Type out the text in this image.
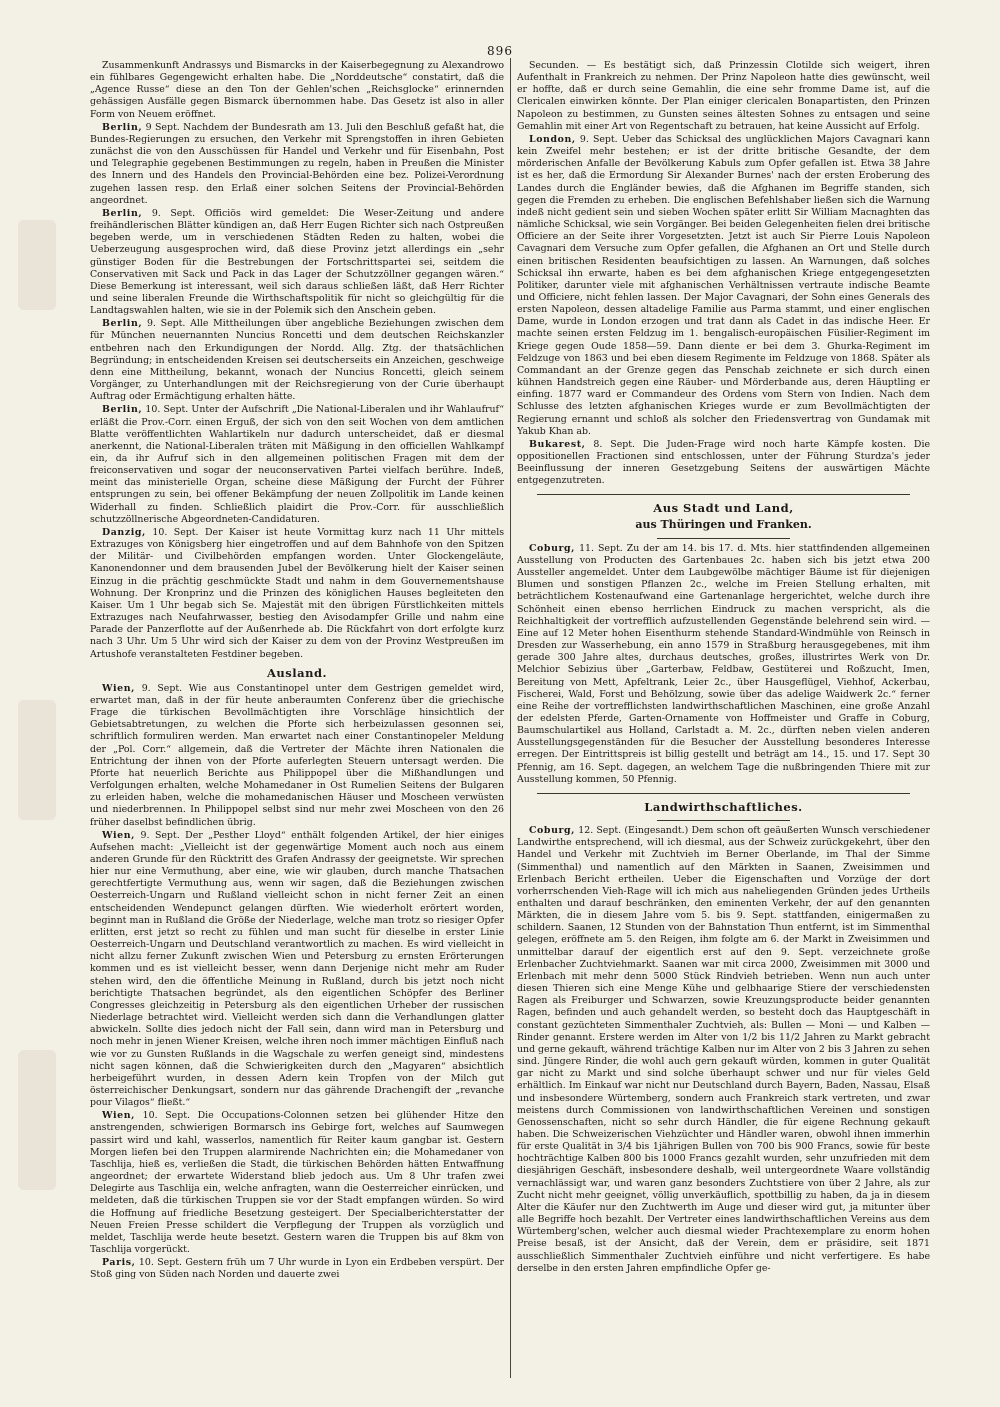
896

Zusammenkunft Andrassys und Bismarcks in der Kaiserbegegnung zu Alexandrowo ein fühlbares Gegengewicht erhalten habe. Die „Norddeutsche“ constatirt, daß die „Agence Russe“ diese an den Ton der Gehlen'schen „Reichsglocke“ erinnernden gehässigen Ausfälle gegen Bismarck übernommen habe. Das Gesetz ist also in aller Form von Neuem eröffnet.

Berlin, 9 Sept. Nachdem der Bundesrath am 13. Juli den Beschluß gefaßt hat, die Bundes-Regierungen zu ersuchen, den Verkehr mit Sprengstoffen in ihren Gebieten zunächst die von den Ausschüssen für Handel und Verkehr und für Eisenbahn, Post und Telegraphie gegebenen Bestimmungen zu regeln, haben in Preußen die Minister des Innern und des Handels den Provincial-Behörden eine bez. Polizei-Verordnung zugehen lassen resp. den Erlaß einer solchen Seitens der Provincial-Behörden angeordnet.

Berlin, 9. Sept. Officiös wird gemeldet: Die Weser-Zeitung und andere freihändlerischen Blätter kündigen an, daß Herr Eugen Richter sich nach Ostpreußen begeben werde, um in verschiedenen Städten Reden zu halten, wobei die Ueberzeugung ausgesprochen wird, daß diese Provinz jetzt allerdings ein „sehr günstiger Boden für die Bestrebungen der Fortschrittspartei sei, seitdem die Conservativen mit Sack und Pack in das Lager der Schutzzöllner gegangen wären.“ Diese Bemerkung ist interessant, weil sich daraus schließen läßt, daß Herr Richter und seine liberalen Freunde die Wirthschaftspolitik für nicht so gleichgültig für die Landtagswahlen halten, wie sie in der Polemik sich den Anschein geben.

Berlin, 9. Sept. Alle Mittheilungen über angebliche Beziehungen zwischen dem für München neuernannten Nuncius Roncetti und dem deutschen Reichskanzler entbehren nach den Erkundigungen der Nordd. Allg. Ztg. der thatsächlichen Begründung; in entscheidenden Kreisen sei deutscherseits ein Anzeichen, geschweige denn eine Mittheilung, bekannt, wonach der Nuncius Roncetti, gleich seinem Vorgänger, zu Unterhandlungen mit der Reichsregierung von der Curie überhaupt Auftrag oder Ermächtigung erhalten hätte.

Berlin, 10. Sept. Unter der Aufschrift „Die National-Liberalen und ihr Wahlaufruf“ erläßt die Prov.-Corr. einen Erguß, der sich von den seit Wochen von dem amtlichen Blatte veröffentlichten Wahlartikeln nur dadurch unterscheidet, daß er diesmal anerkennt, die National-Liberalen träten mit Mäßigung in den officiellen Wahlkampf ein, da ihr Aufruf sich in den allgemeinen politischen Fragen mit dem der freiconservativen und sogar der neuconservativen Partei vielfach berühre. Indeß, meint das ministerielle Organ, scheine diese Mäßigung der Furcht der Führer entsprungen zu sein, bei offener Bekämpfung der neuen Zollpolitik im Lande keinen Widerhall zu finden. Schließlich plaidirt die Prov.-Corr. für ausschließlich schutzzöllnerische Abgeordneten-Candidaturen.

Danzig, 10. Sept. Der Kaiser ist heute Vormittag kurz nach 11 Uhr mittels Extrazuges von Königsberg hier eingetroffen und auf dem Bahnhofe von den Spitzen der Militär- und Civilbehörden empfangen worden. Unter Glockengeläute, Kanonendonner und dem brausenden Jubel der Bevölkerung hielt der Kaiser seinen Einzug in die prächtig geschmückte Stadt und nahm in dem Gouvernementshause Wohnung. Der Kronprinz und die Prinzen des königlichen Hauses begleiteten den Kaiser. Um 1 Uhr begab sich Se. Majestät mit den übrigen Fürstlichkeiten mittels Extrazuges nach Neufahrwasser, bestieg den Avisodampfer Grille und nahm eine Parade der Panzerflotte auf der Außenrhede ab. Die Rückfahrt von dort erfolgte kurz nach 3 Uhr. Um 5 Uhr wird sich der Kaiser zu dem von der Provinz Westpreußen im Artushofe veranstalteten Festdiner begeben.

Ausland.

Wien, 9. Sept. Wie aus Constantinopel unter dem Gestrigen gemeldet wird, erwartet man, daß in der für heute anberaumten Conferenz über die griechische Frage die türkischen Bevollmächtigten ihre Vorschläge hinsichtlich der Gebietsabtretungen, zu welchen die Pforte sich herbeizulassen gesonnen sei, schriftlich formuliren werden. Man erwartet nach einer Constantinopeler Meldung der „Pol. Corr.“ allgemein, daß die Vertreter der Mächte ihren Nationalen die Entrichtung der ihnen von der Pforte auferlegten Steuern untersagt werden. Die Pforte hat neuerlich Berichte aus Philippopel über die Mißhandlungen und Verfolgungen erhalten, welche Mohamedaner in Ost Rumelien Seitens der Bulgaren zu erleiden haben, welche die mohamedanischen Häuser und Moscheen verwüsten und niederbrennen. In Philippopel selbst sind nur mehr zwei Moscheen von den 26 früher daselbst befindlichen übrig.

Wien, 9. Sept. Der „Pesther Lloyd“ enthält folgenden Artikel, der hier einiges Aufsehen macht: „Vielleicht ist der gegenwärtige Moment auch noch aus einem anderen Grunde für den Rücktritt des Grafen Andrassy der geeignetste. Wir sprechen hier nur eine Vermuthung, aber eine, wie wir glauben, durch manche Thatsachen gerechtfertigte Vermuthung aus, wenn wir sagen, daß die Beziehungen zwischen Oesterreich-Ungarn und Rußland vielleicht schon in nicht ferner Zeit an einen entscheidenden Wendepunct gelangen dürften. Wie wiederholt erörtert worden, beginnt man in Rußland die Größe der Niederlage, welche man trotz so riesiger Opfer erlitten, erst jetzt so recht zu fühlen und man sucht für dieselbe in erster Linie Oesterreich-Ungarn und Deutschland verantwortlich zu machen. Es wird vielleicht in nicht allzu ferner Zukunft zwischen Wien und Petersburg zu ernsten Erörterungen kommen und es ist vielleicht besser, wenn dann Derjenige nicht mehr am Ruder stehen wird, den die öffentliche Meinung in Rußland, durch bis jetzt noch nicht berichtigte Thatsachen begründet, als den eigentlichen Schöpfer des Berliner Congresses gleichzeitig in Petersburg als den eigentlichen Urheber der russischen Niederlage betrachtet wird. Vielleicht werden sich dann die Verhandlungen glatter abwickeln. Sollte dies jedoch nicht der Fall sein, dann wird man in Petersburg und noch mehr in jenen Wiener Kreisen, welche ihren noch immer mächtigen Einfluß nach wie vor zu Gunsten Rußlands in die Wagschale zu werfen geneigt sind, mindestens nicht sagen können, daß die Schwierigkeiten durch den „Magyaren“ absichtlich herbeigeführt wurden, in dessen Adern kein Tropfen von der Milch gut österreichischer Denkungsart, sondern nur das gährende Drachengift der „revanche pour Vilagos“ fließt.“

Wien, 10. Sept. Die Occupations-Colonnen setzen bei glühender Hitze den anstrengenden, schwierigen Bormarsch ins Gebirge fort, welches auf Saumwegen passirt wird und kahl, wasserlos, namentlich für Reiter kaum gangbar ist. Gestern Morgen liefen bei den Truppen alarmirende Nachrichten ein; die Mohamedaner von Taschlija, hieß es, verließen die Stadt, die türkischen Behörden hätten Entwaffnung angeordnet; der erwartete Widerstand blieb jedoch aus. Um 8 Uhr trafen zwei Delegirte aus Taschlija ein, welche anfragten, wann die Oesterreicher einrücken, und meldeten, daß die türkischen Truppen sie vor der Stadt empfangen würden. So wird die Hoffnung auf friedliche Besetzung gesteigert. Der Specialberichterstatter der Neuen Freien Presse schildert die Verpflegung der Truppen als vorzüglich und meldet, Taschlija werde heute besetzt. Gestern waren die Truppen bis auf 8km von Taschlija vorgerückt.

Paris, 10. Sept. Gestern früh um 7 Uhr wurde in Lyon ein Erdbeben verspürt. Der Stoß ging von Süden nach Norden und dauerte zwei

Secunden. — Es bestätigt sich, daß Prinzessin Clotilde sich weigert, ihren Aufenthalt in Frankreich zu nehmen. Der Prinz Napoleon hatte dies gewünscht, weil er hoffte, daß er durch seine Gemahlin, die eine sehr fromme Dame ist, auf die Clericalen einwirken könnte. Der Plan einiger clericalen Bonapartisten, den Prinzen Napoleon zu bestimmen, zu Gunsten seines ältesten Sohnes zu entsagen und seine Gemahlin mit einer Art von Regentschaft zu betrauen, hat keine Aussicht auf Erfolg.

London, 9. Sept. Ueber das Schicksal des unglücklichen Majors Cavagnari kann kein Zweifel mehr bestehen; er ist der dritte britische Gesandte, der dem mörderischen Anfalle der Bevölkerung Kabuls zum Opfer gefallen ist. Etwa 38 Jahre ist es her, daß die Ermordung Sir Alexander Burnes' nach der ersten Eroberung des Landes durch die Engländer bewies, daß die Afghanen im Begriffe standen, sich gegen die Fremden zu erheben. Die englischen Befehlshaber ließen sich die Warnung indeß nicht gedient sein und sieben Wochen später erlitt Sir William Macnaghten das nämliche Schicksal, wie sein Vorgänger. Bei beiden Gelegenheiten fielen drei britische Officiere an der Seite ihrer Vorgesetzten. Jetzt ist auch Sir Pierre Louis Napoleon Cavagnari dem Versuche zum Opfer gefallen, die Afghanen an Ort und Stelle durch einen britischen Residenten beaufsichtigen zu lassen. An Warnungen, daß solches Schicksal ihn erwarte, haben es bei dem afghanischen Kriege entgegengesetzten Politiker, darunter viele mit afghanischen Verhältnissen vertraute indische Beamte und Officiere, nicht fehlen lassen. Der Major Cavagnari, der Sohn eines Generals des ersten Napoleon, dessen altadelige Familie aus Parma stammt, und einer englischen Dame, wurde in London erzogen und trat dann als Cadet in das indische Heer. Er machte seinen ersten Feldzug im 1. bengalisch-europäischen Füsilier-Regiment im Kriege gegen Oude 1858—59. Dann diente er bei dem 3. Ghurka-Regiment im Feldzuge von 1863 und bei eben diesem Regimente im Feldzuge von 1868. Später als Commandant an der Grenze gegen das Penschab zeichnete er sich durch einen kühnen Handstreich gegen eine Räuber- und Mörderbande aus, deren Häuptling er einfing. 1877 ward er Commandeur des Ordens vom Stern von Indien. Nach dem Schlusse des letzten afghanischen Krieges wurde er zum Bevollmächtigten der Regierung ernannt und schloß als solcher den Friedensvertrag von Gundamak mit Yakub Khan ab.

Bukarest, 8. Sept. Die Juden-Frage wird noch harte Kämpfe kosten. Die oppositionellen Fractionen sind entschlossen, unter der Führung Sturdza's jeder Beeinflussung der inneren Gesetzgebung Seitens der auswärtigen Mächte entgegenzutreten.

Aus Stadt und Land,
aus Thüringen und Franken.

Coburg, 11. Sept. Zu der am 14. bis 17. d. Mts. hier stattfindenden allgemeinen Ausstellung von Producten des Gartenbaues 2c. haben sich bis jetzt etwa 200 Aussteller angemeldet. Unter dem Laubgewölbe mächtiger Bäume ist für diejenigen Blumen und sonstigen Pflanzen 2c., welche im Freien Stellung erhalten, mit beträchtlichem Kostenaufwand eine Gartenanlage hergerichtet, welche durch ihre Schönheit einen ebenso herrlichen Eindruck zu machen verspricht, als die Reichhaltigkeit der vortrefflich aufzustellenden Gegenstände belehrend sein wird. — Eine auf 12 Meter hohen Eisenthurm stehende Standard-Windmühle von Reinsch in Dresden zur Wasserhebung, ein anno 1579 in Straßburg herausgegebenes, mit ihm gerade 300 Jahre altes, durchaus deutsches, großes, illustrirtes Werk von Dr. Melchior Sebizius über „Garterbaw, Feldbaw, Gestüterei und Roßzucht, Imen, Bereitung von Mett, Apfeltrank, Leier 2c., über Hausgeflügel, Viehhof, Ackerbau, Fischerei, Wald, Forst und Behölzung, sowie über das adelige Waidwerk 2c.“ ferner eine Reihe der vortrefflichsten landwirthschaftlichen Maschinen, eine große Anzahl der edelsten Pferde, Garten-Ornamente von Hoffmeister und Graffe in Coburg, Baumschulartikel aus Holland, Carlstadt a. M. 2c., dürften neben vielen anderen Ausstellungsgegenständen für die Besucher der Ausstellung besonderes Interesse erregen. Der Eintrittspreis ist billig gestellt und beträgt am 14., 15. und 17. Sept 30 Pfennig, am 16. Sept. dagegen, an welchem Tage die nußbringenden Thiere mit zur Ausstellung kommen, 50 Pfennig.

Landwirthschaftliches.

Coburg, 12. Sept. (Eingesandt.) Dem schon oft geäußerten Wunsch verschiedener Landwirthe entsprechend, will ich diesmal, aus der Schweiz zurückgekehrt, über den Handel und Verkehr mit Zuchtvieh im Berner Oberlande, im Thal der Simme (Simmenthal) und namentlich auf den Märkten in Saanen, Zweisimmen und Erlenbach Bericht ertheilen. Ueber die Eigenschaften und Vorzüge der dort vorherrschenden Vieh-Rage will ich mich aus naheliegenden Gründen jedes Urtheils enthalten und darauf beschränken, den eminenten Verkehr, der auf den genannten Märkten, die in diesem Jahre vom 5. bis 9. Sept. stattfanden, einigermaßen zu schildern. Saanen, 12 Stunden von der Bahnstation Thun entfernt, ist im Simmenthal gelegen, eröffnete am 5. den Reigen, ihm folgte am 6. der Markt in Zweisimmen und unmittelbar darauf der eigentlich erst auf den 9. Sept. verzeichnete große Erlenbacher Zuchtviehmarkt. Saanen war mit circa 2000, Zweisimmen mit 3000 und Erlenbach mit mehr denn 5000 Stück Rindvieh betrieben. Wenn nun auch unter diesen Thieren sich eine Menge Kühe und gelbhaarige Stiere der verschiedensten Ragen als Freiburger und Schwarzen, sowie Kreuzungsproducte beider genannten Ragen, befinden und auch gehandelt werden, so besteht doch das Hauptgeschäft in constant gezüchteten Simmenthaler Zuchtvieh, als: Bullen — Moni — und Kalben — Rinder genannt. Erstere werden im Alter von 1/2 bis 11/2 Jahren zu Markt gebracht und gerne gekauft, während trächtige Kalben nur im Alter von 2 bis 3 Jahren zu sehen sind. Jüngere Rinder, die wohl auch gern gekauft würden, kommen in guter Qualität gar nicht zu Markt und sind solche überhaupt schwer und nur für vieles Geld erhältlich. Im Einkauf war nicht nur Deutschland durch Bayern, Baden, Nassau, Elsaß und insbesondere Würtemberg, sondern auch Frankreich stark vertreten, und zwar meistens durch Commissionen von landwirthschaftlichen Vereinen und sonstigen Genossenschaften, nicht so sehr durch Händler, die für eigene Rechnung gekauft haben. Die Schweizerischen Viehzüchter und Händler waren, obwohl ihnen immerhin für erste Qualität in 3/4 bis 1jährigen Bullen von 700 bis 900 Francs, sowie für beste hochträchtige Kalben 800 bis 1000 Francs gezahlt wurden, sehr unzufrieden mit dem diesjährigen Geschäft, insbesondere deshalb, weil untergeordnete Waare vollständig vernachlässigt war, und waren ganz besonders Zuchtstiere von über 2 Jahre, als zur Zucht nicht mehr geeignet, völlig unverkäuflich, spottbillig zu haben, da ja in diesem Alter die Käufer nur den Zuchtwerth im Auge und dieser wird gut, ja mitunter über alle Begriffe hoch bezahlt. Der Vertreter eines landwirthschaftlichen Vereins aus dem Würtemberg'schen, welcher auch diesmal wieder Prachtexemplare zu enorm hohen Preise besaß, ist der Ansicht, daß der Verein, dem er präsidire, seit 1871 ausschließlich Simmenthaler Zuchtvieh einführe und nicht verfertigere. Es habe derselbe in den ersten Jahren empfindliche Opfer ge-
